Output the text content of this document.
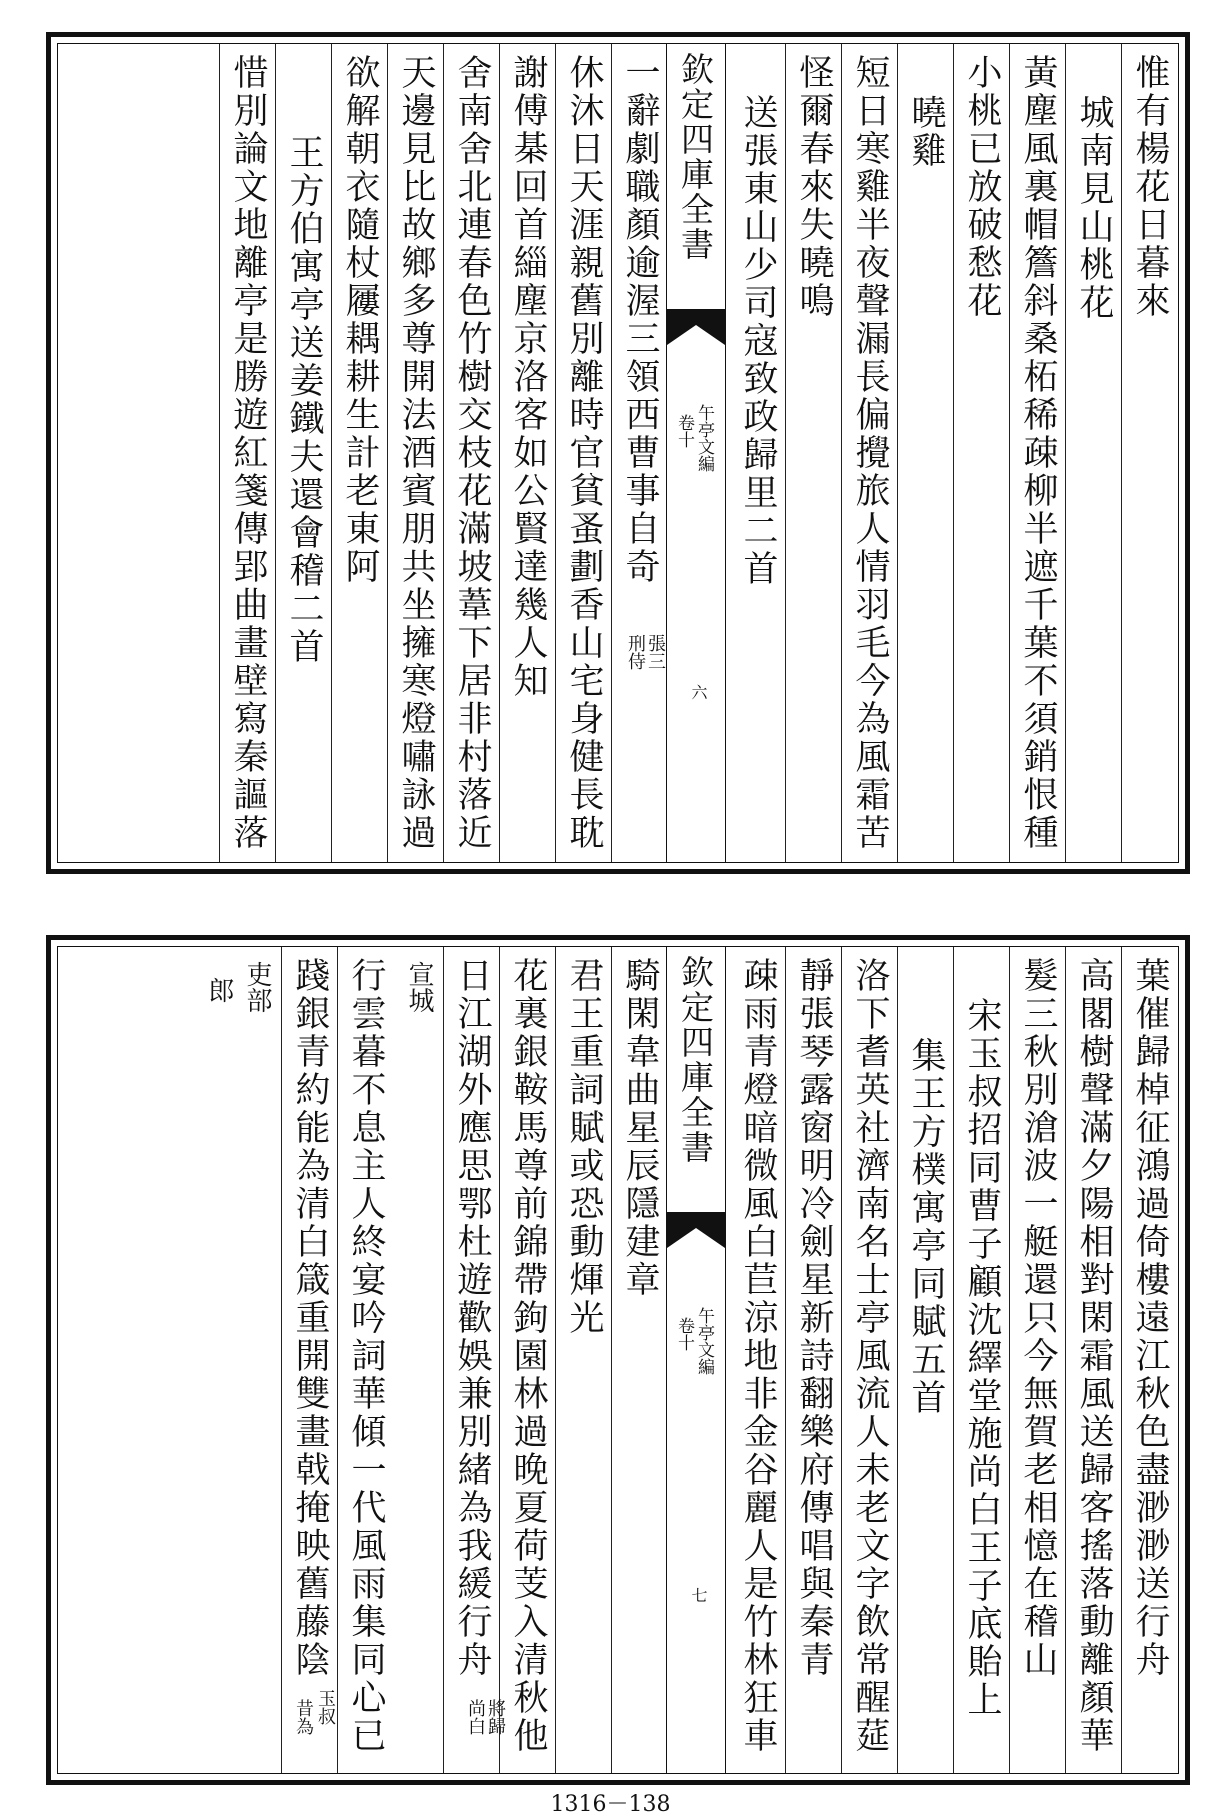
惟有楊花日暮來
城南見山桃花
黃塵風裏帽簷斜桑柘稀疎柳半遮千葉不須銷恨種
小桃已放破愁花
曉雞
短日寒雞半夜聲漏長偏攪旅人情羽毛今為風霜苦
怪爾春來失曉鳴
送張東山少司寇致政歸里二首
欽定四庫全書
午亭文編
卷十
六
一辭劇職顏逾渥三領西曹事自奇
張三
刑侍
休沐日天涯親舊別離時官貧蚤劃香山宅身健長耽
謝傅棊回首緇塵京洛客如公賢達幾人知
舍南舍北連春色竹樹交枝花滿坡葦下居非村落近
天邊見比故鄉多尊開法酒賓朋共坐擁寒燈嘯詠過
欲解朝衣隨杖屨耦耕生計老東阿
王方伯寓亭送姜鐵夫還會稽二首
惜別論文地離亭是勝遊紅箋傳郢曲畫壁寫秦謳落
葉催歸棹征鴻過倚樓遠江秋色盡渺渺送行舟
高閣樹聲滿夕陽相對閑霜風送歸客搖落動離顏華
髮三秋別滄波一艇還只今無賀老相憶在稽山
宋玉叔招同曹子顧沈繹堂施尚白王子底貽上
集王方樸寓亭同賦五首
洛下耆英社濟南名士亭風流人未老文字飲常醒莚
靜張琴露窗明冷劍星新詩翻樂府傳唱與秦青
疎雨青燈暗微風白苣涼地非金谷麗人是竹林狂車
欽定四庫全書
午亭文編
卷十
七
騎閑韋曲星辰隱建章
君王重詞賦或恐動煇光
花裏銀鞍馬尊前錦帶鉤園林過晚夏荷芰入清秋他
日江湖外應思鄂杜遊歡娛兼別緒為我緩行舟
尚白 將歸
宣城
行雲暮不息主人終宴吟詞華傾一代風雨集同心已
踐銀青約能為清白箴重開雙畫戟掩映舊藤陰
玉叔
昔為
吏部
郎
1316－138
